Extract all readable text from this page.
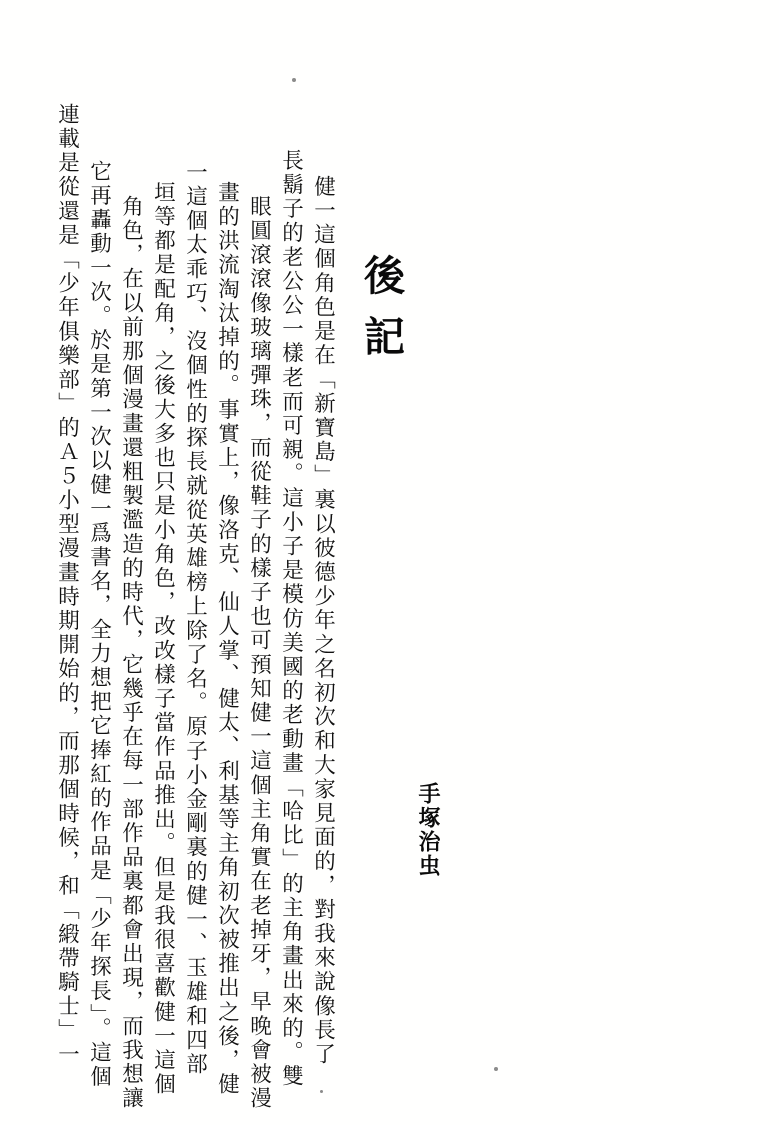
後記
手塚治虫
健一這個角色是在「新寶島」裏以彼德少年之名初次和大家見面的，對我來說像長了
長鬍子的老公公一樣老而可親。這小子是模仿美國的老動畫「哈比」的主角畫出來的。雙
眼圓滾滾像玻璃彈珠，而從鞋子的樣子也可預知健一這個主角實在老掉牙，早晚會被漫
畫的洪流淘汰掉的。事實上，像洛克、仙人掌、健太、利基等主角初次被推出之後，健
一這個太乖巧、沒個性的探長就從英雄榜上除了名。原子小金剛裏的健一、玉雄和四部
垣等都是配角，之後大多也只是小角色，改改樣子當作品推出。但是我很喜歡健一這個
角色，在以前那個漫畫還粗製濫造的時代，它幾乎在每一部作品裏都會出現，而我想讓
它再轟動一次。於是第一次以健一爲書名，全力想把它捧紅的作品是「少年探長」。這個
連載是從還是「少年俱樂部」的Ａ５小型漫畫時期開始的，而那個時候，和「緞帶騎士」一
